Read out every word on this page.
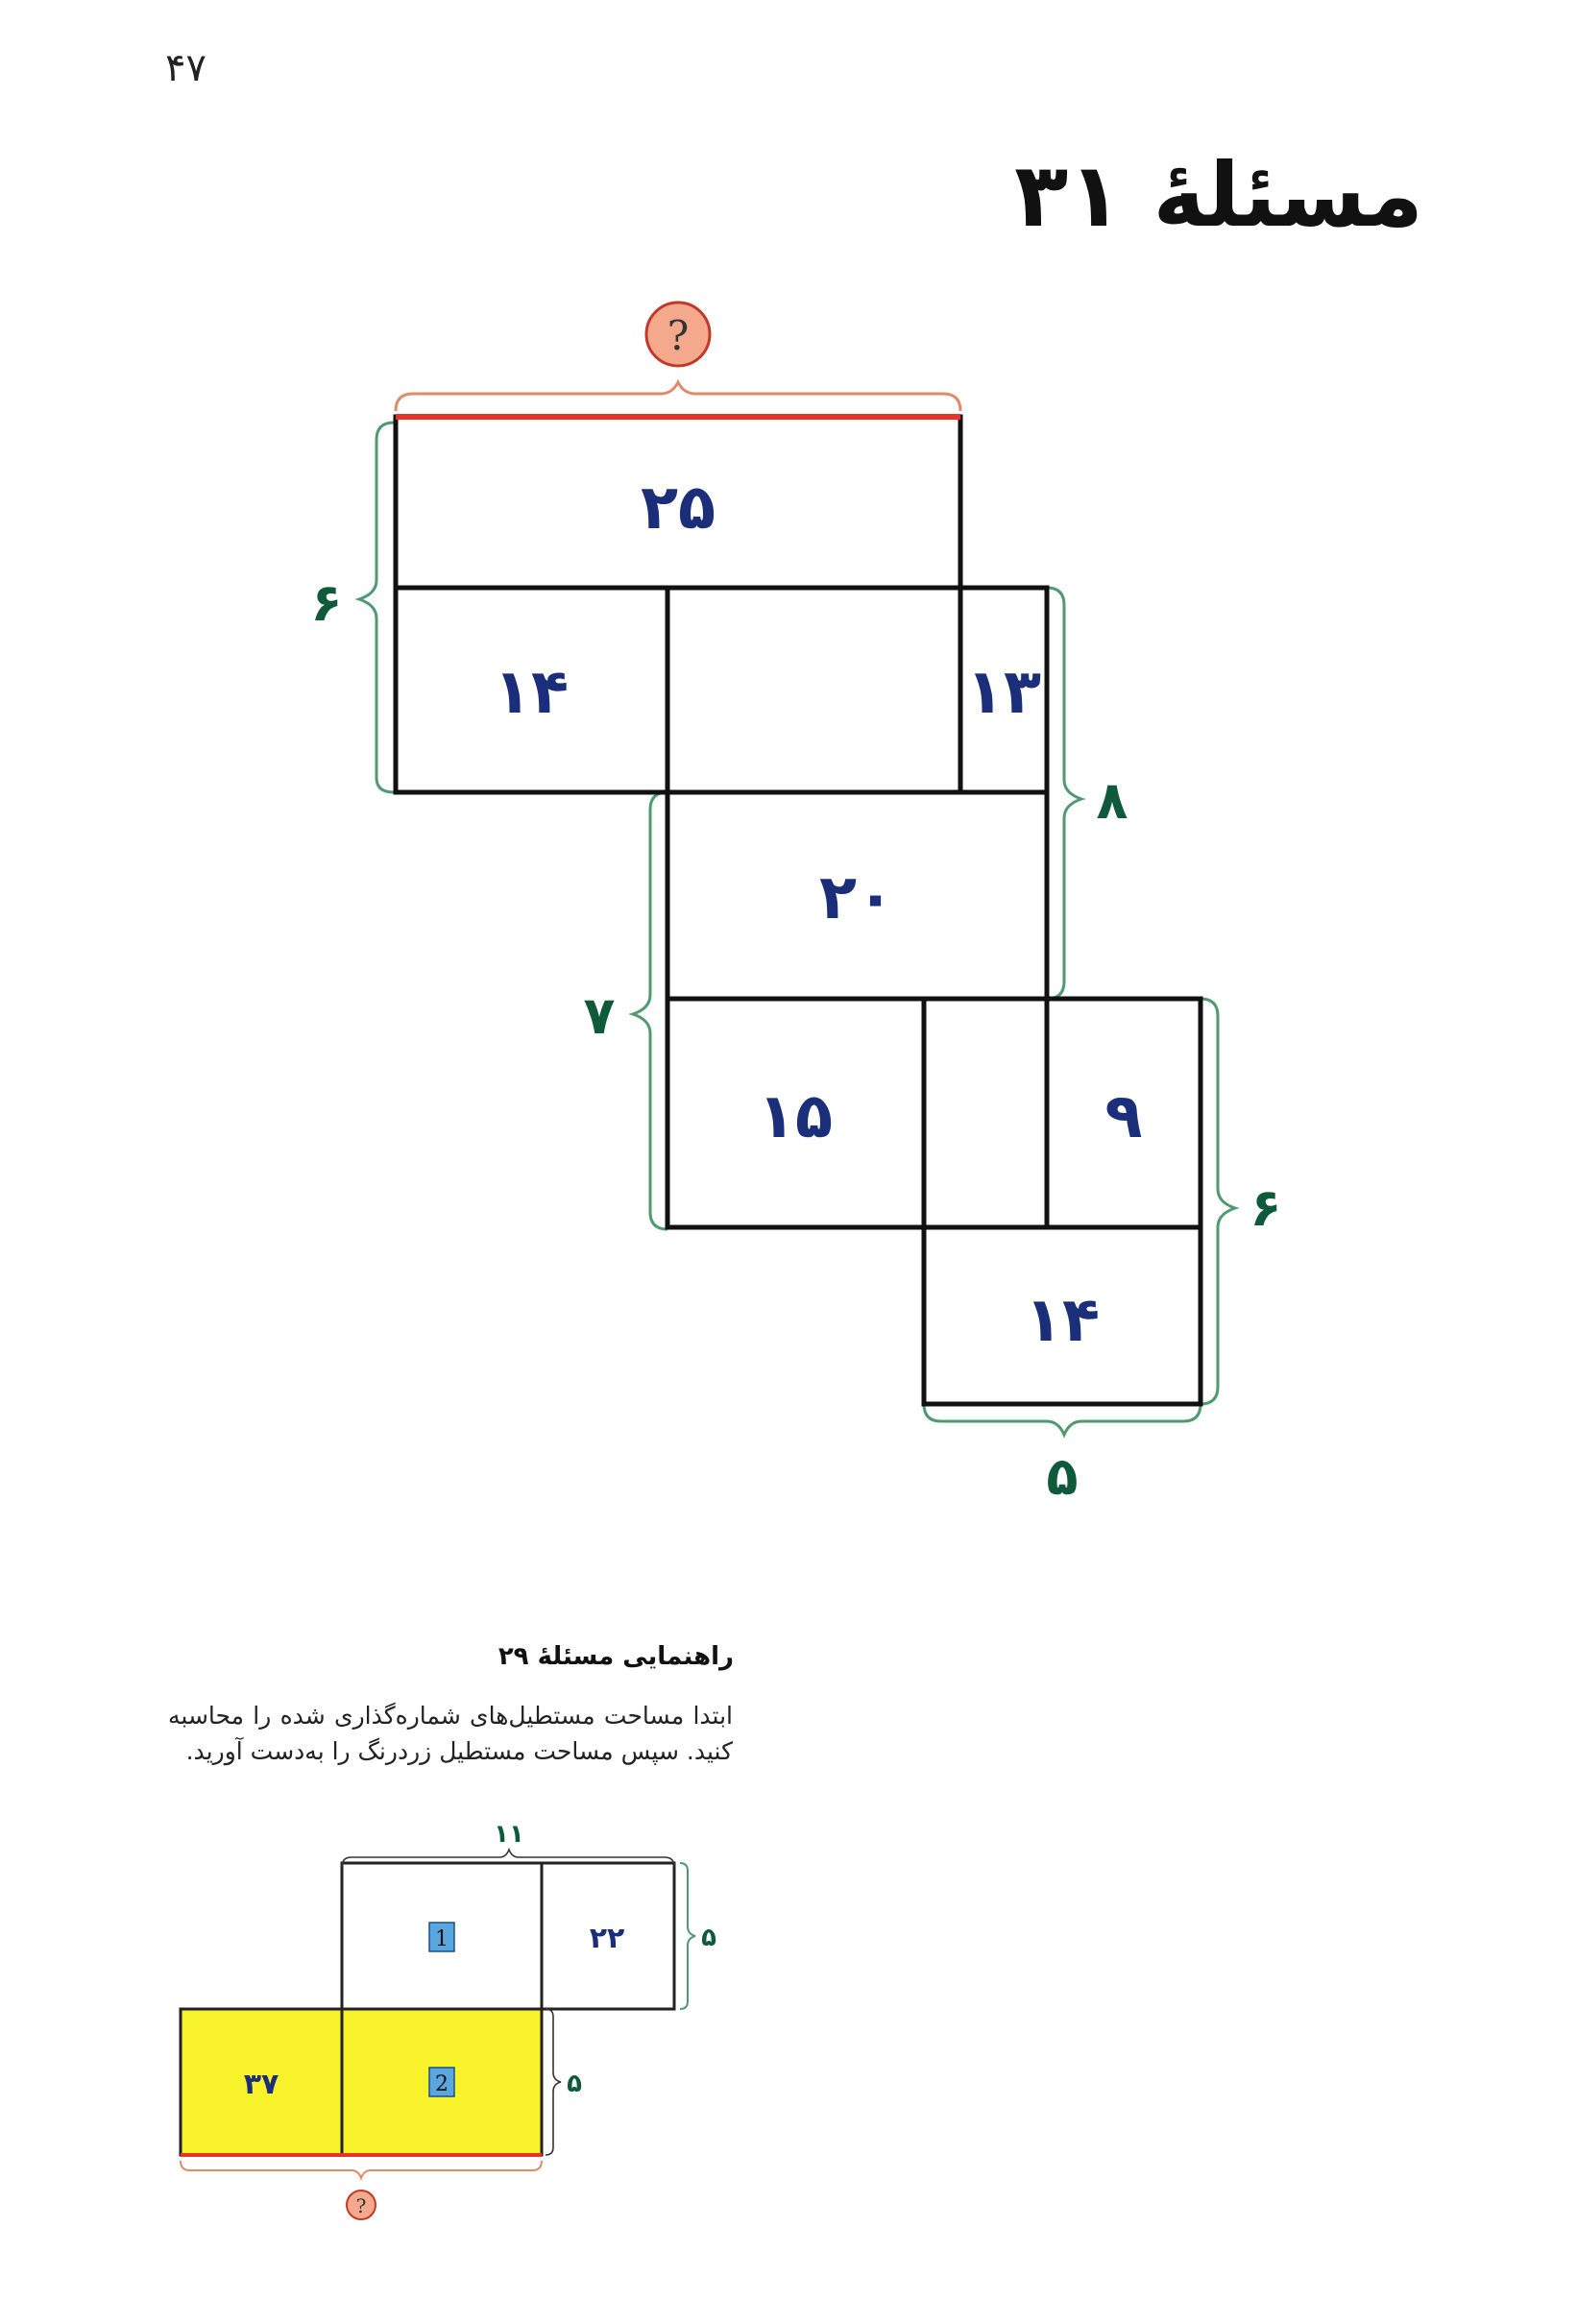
۴۷
مسئلهٔ ۳۱
?
۲۵
۱۴	۱۳
۲۰
۱۵	۹
۱۴
۶
۸
۷
۶
۵
1
2
۲۲
۳۷
۱۱
۵
۵
?
راهنمایی مسئلهٔ ۲۹
ابتدا مساحت مستطیل‌های شماره‌گذاری شده را محاسبه کنید. سپس مساحت مستطیل زردرنگ را به‌دست آورید.
